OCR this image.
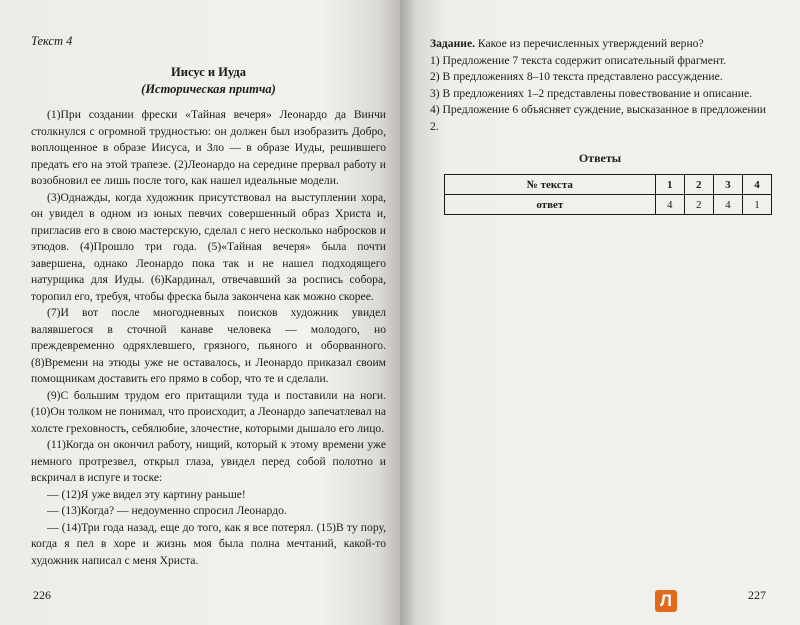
Текст 4

Иисус и Иуда

(Историческая притча)

(1)При создании фрески «Тайная вечеря» Леонардо да Винчи столкнулся с огромной трудностью: он должен был изобразить Добро, воплощенное в образе Иисуса, и Зло — в образе Иуды, решившего предать его на этой трапезе. (2)Леонардо на середине прервал работу и возобновил ее лишь после того, как нашел идеальные модели.

(3)Однажды, когда художник присутствовал на выступлении хора, он увидел в одном из юных певчих совершенный образ Христа и, пригласив его в свою мастерскую, сделал с него несколько набросков и этюдов. (4)Прошло три года. (5)«Тайная вечеря» была почти завершена, однако Леонардо пока так и не нашел подходящего натурщика для Иуды. (6)Кардинал, отвечавший за роспись собора, торопил его, требуя, чтобы фреска была закончена как можно скорее.

(7)И вот после многодневных поисков художник увидел валявшегося в сточной канаве человека — молодого, но преждевременно одряхлевшего, грязного, пьяного и оборванного. (8)Времени на этюды уже не оставалось, и Леонардо приказал своим помощникам доставить его прямо в собор, что те и сделали.

(9)С большим трудом его притащили туда и поставили на ноги. (10)Он толком не понимал, что происходит, а Леонардо запечатлевал на холсте греховность, себялюбие, злочестие, которыми дышало его лицо.

(11)Когда он окончил работу, нищий, который к этому времени уже немного протрезвел, открыл глаза, увидел перед собой полотно и вскричал в испуге и тоске:

— (12)Я уже видел эту картину раньше!

— (13)Когда? — недоуменно спросил Леонардо.

— (14)Три года назад, еще до того, как я все потерял. (15)В ту пору, когда я пел в хоре и жизнь моя была полна мечтаний, какой-то художник написал с меня Христа.

226

Задание. Какое из перечисленных утверждений верно?

1) Предложение 7 текста содержит описательный фрагмент.

2) В предложениях 8–10 текста представлено рассуждение.

3) В предложениях 1–2 представлены повествование и описание.

4) Предложение 6 объясняет суждение, высказанное в предложении 2.

Ответы

№ текста	1	2	3	4
ответ	4	2	4	1
227
Л
